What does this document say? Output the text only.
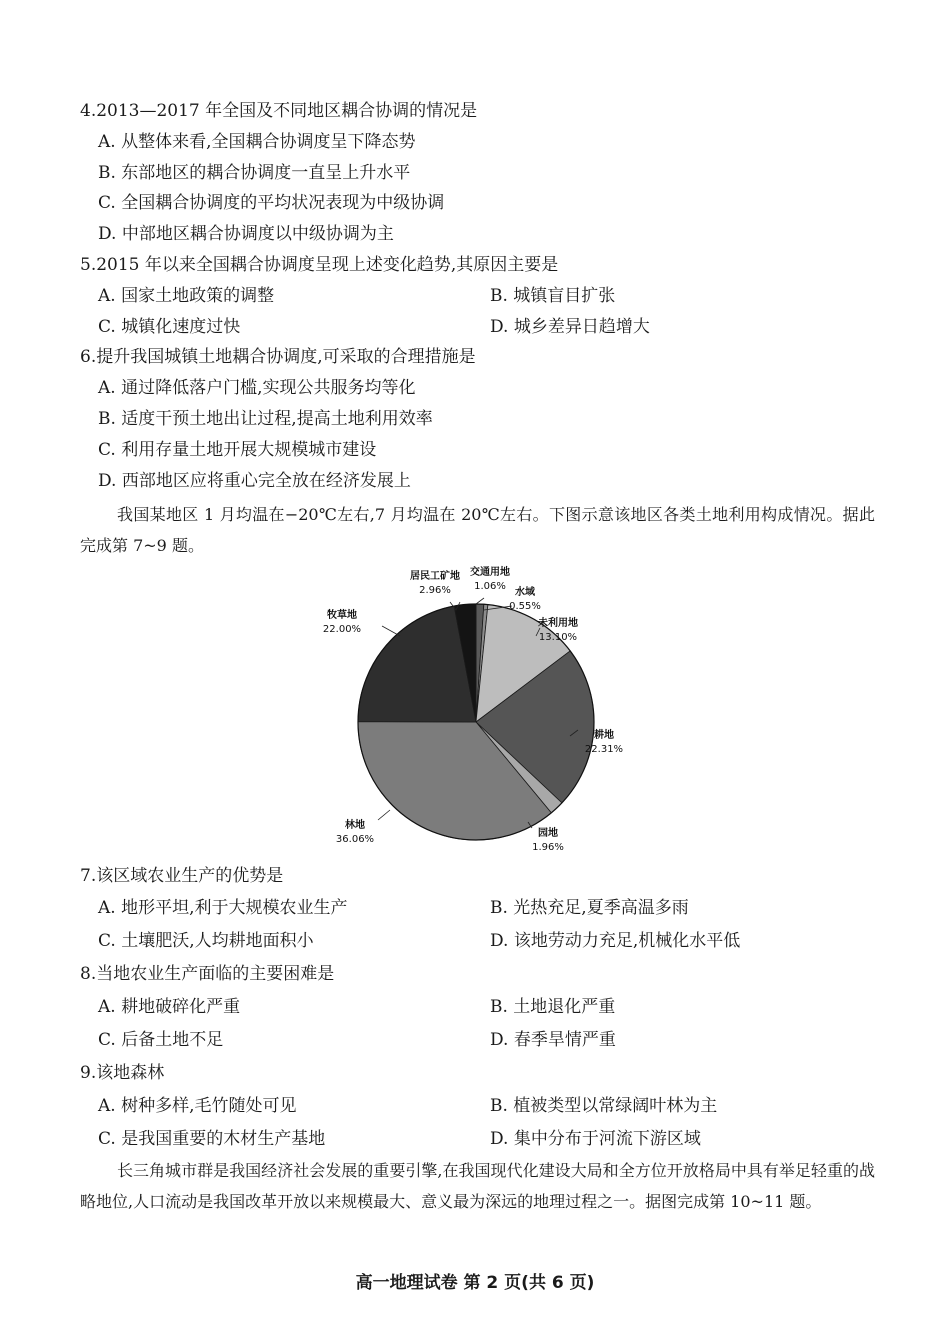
4.2013—2017 年全国及不同地区耦合协调的情况是
A. 从整体来看,全国耦合协调度呈下降态势
B. 东部地区的耦合协调度一直呈上升水平
C. 全国耦合协调度的平均状况表现为中级协调
D. 中部地区耦合协调度以中级协调为主
5.2015 年以来全国耦合协调度呈现上述变化趋势,其原因主要是
A. 国家土地政策的调整	B. 城镇盲目扩张
C. 城镇化速度过快	D. 城乡差异日趋增大
6.提升我国城镇土地耦合协调度,可采取的合理措施是
A. 通过降低落户门槛,实现公共服务均等化
B. 适度干预土地出让过程,提高土地利用效率
C. 利用存量土地开展大规模城市建设
D. 西部地区应将重心完全放在经济发展上
我国某地区 1 月均温在−20℃左右,7 月均温在 20℃左右。下图示意该地区各类土地利用构成情况。据此完成第 7~9 题。
居民工矿地
2.96%
交通用地
1.06%
水域
0.55%
未利用地
13.10%
耕地
22.31%
园地
1.96%
林地
36.06%
牧草地
22.00%
7.该区域农业生产的优势是
A. 地形平坦,利于大规模农业生产	B. 光热充足,夏季高温多雨
C. 土壤肥沃,人均耕地面积小	D. 该地劳动力充足,机械化水平低
8.当地农业生产面临的主要困难是
A. 耕地破碎化严重	B. 土地退化严重
C. 后备土地不足	D. 春季旱情严重
9.该地森林
A. 树种多样,毛竹随处可见	B. 植被类型以常绿阔叶林为主
C. 是我国重要的木材生产基地	D. 集中分布于河流下游区域
长三角城市群是我国经济社会发展的重要引擎,在我国现代化建设大局和全方位开放格局中具有举足轻重的战略地位,人口流动是我国改革开放以来规模最大、意义最为深远的地理过程之一。据图完成第 10~11 题。
高一地理试卷 第 2 页(共 6 页)
